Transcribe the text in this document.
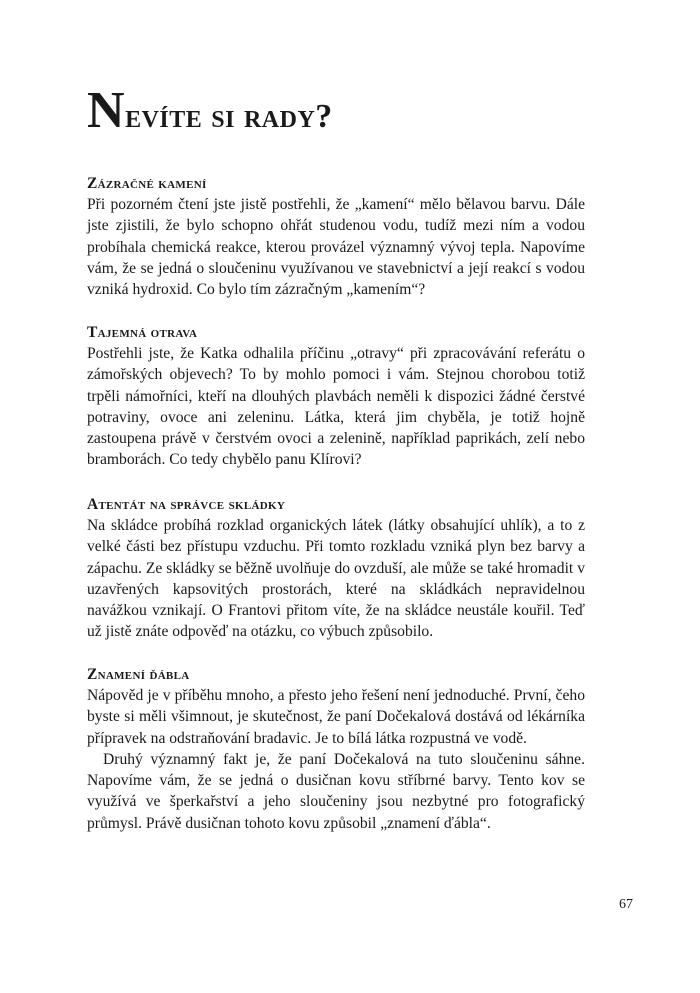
Nevíte si rady?
Zázračné kamení

Při pozorném čtení jste jistě postřehli, že „kamení“ mělo bělavou barvu. Dále jste zjistili, že bylo schopno ohřát studenou vodu, tudíž mezi ním a vodou probíhala chemická reakce, kterou provázel významný vývoj tepla. Napovíme vám, že se jedná o sloučeninu využívanou ve stavebnictví a její reakcí s vodou vzniká hydroxid. Co bylo tím zázračným „kamením“?

Tajemná otrava

Postřehli jste, že Katka odhalila příčinu „otravy“ při zpracovávání referátu o zámořských objevech? To by mohlo pomoci i vám. Stejnou chorobou totiž trpěli námořníci, kteří na dlouhých plavbách neměli k dispozici žádné čerstvé potraviny, ovoce ani zeleninu. Látka, která jim chyběla, je totiž hojně zastoupena právě v čerstvém ovoci a zelenině, například paprikách, zelí nebo bramborách. Co tedy chybělo panu Klírovi?

Atentát na správce skládky

Na skládce probíhá rozklad organických látek (látky obsahující uhlík), a to z velké části bez přístupu vzduchu. Při tomto rozkladu vzniká plyn bez barvy a zápachu. Ze skládky se běžně uvolňuje do ovzduší, ale může se také hromadit v uzavřených kapsovitých prostorách, které na skládkách nepravidelnou navážkou vznikají. O Frantovi přitom víte, že na skládce neustále kouřil. Teď už jistě znáte odpověď na otázku, co výbuch způsobilo.

Znamení ďábla

Nápověd je v příběhu mnoho, a přesto jeho řešení není jednoduché. První, čeho byste si měli všimnout, je skutečnost, že paní Dočekalová dostává od lékárníka přípravek na odstraňování bradavic. Je to bílá látka rozpustná ve vodě.

Druhý významný fakt je, že paní Dočekalová na tuto sloučeninu sáhne. Napovíme vám, že se jedná o dusičnan kovu stříbrné barvy. Tento kov se využívá ve šperkařství a jeho sloučeniny jsou nezbytné pro fotografický průmysl. Právě dusičnan tohoto kovu způsobil „znamení ďábla“.

67
